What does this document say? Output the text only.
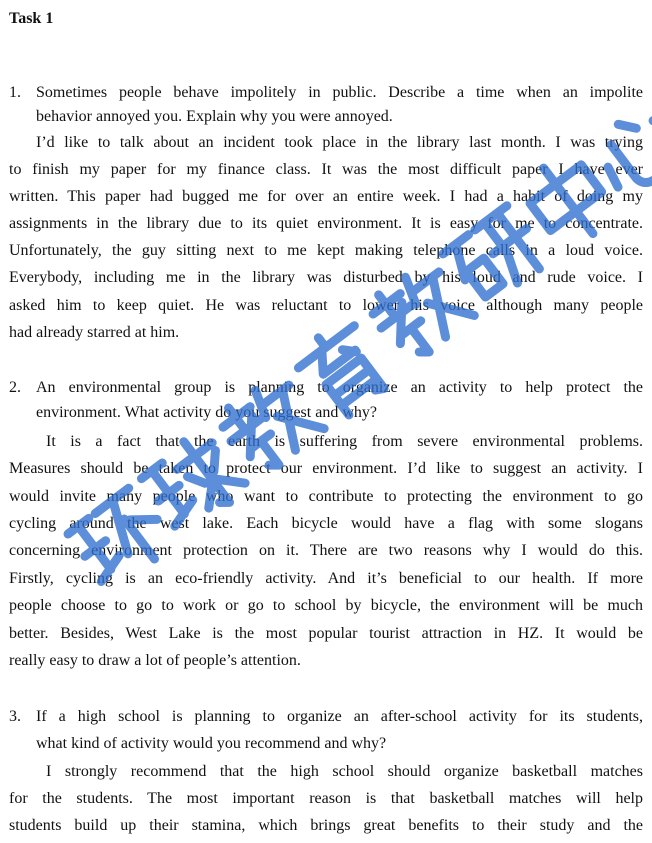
Task 1
1. Sometimes people behave impolitely in public. Describe a time when an impolite
behavior annoyed you. Explain why you were annoyed.
I’d like to talk about an incident took place in the library last month. I was trying
to finish my paper for my finance class. It was the most difficult paper I have ever
written. This paper had bugged me for over an entire week. I had a habit of doing my
assignments in the library due to its quiet environment. It is easy for me to concentrate.
Unfortunately, the guy sitting next to me kept making telephone calls in a loud voice.
Everybody, including me in the library was disturbed by his loud and rude voice. I
asked him to keep quiet. He was reluctant to lower his voice although many people
had already starred at him.
2. An environmental group is planning to organize an activity to help protect the
environment. What activity do you suggest and why?
It is a fact that the earth is suffering from severe environmental problems.
Measures should be taken to protect our environment. I’d like to suggest an activity. I
would invite many people who want to contribute to protecting the environment to go
cycling around the west lake. Each bicycle would have a flag with some slogans
concerning environment protection on it. There are two reasons why I would do this.
Firstly, cycling is an eco-friendly activity. And it’s beneficial to our health. If more
people choose to go to work or go to school by bicycle, the environment will be much
better. Besides, West Lake is the most popular tourist attraction in HZ. It would be
really easy to draw a lot of people’s attention.
3. If a high school is planning to organize an after-school activity for its students,
what kind of activity would you recommend and why?
I strongly recommend that the high school should organize basketball matches
for the students. The most important reason is that basketball matches will help
students build up their stamina, which brings great benefits to their study and the
